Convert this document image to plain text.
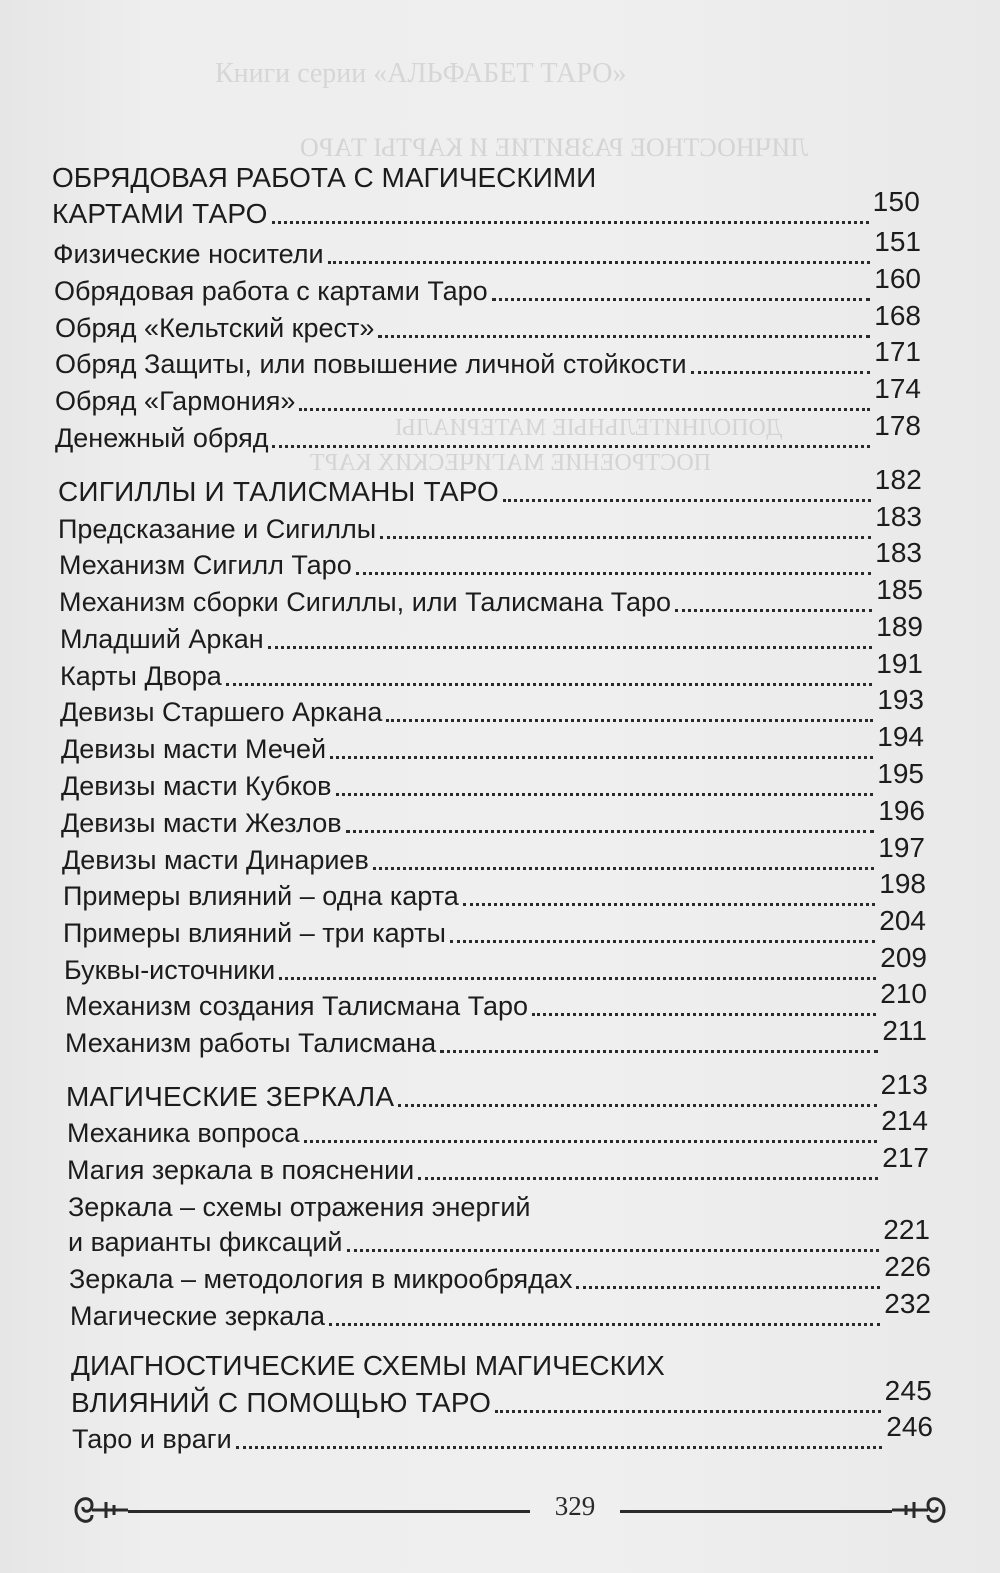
Книги серии «АЛЬФАБЕТ ТАРО»
ЛИЧНОСТНОЕ РАЗВИТИЕ И КАРТЫ ТАРО
ДОПОЛНИТЕЛЬНЫЕ МАТЕРИАЛЫ
ПОСТРОЕНИЕ МАГИЧЕСКИХ КАРТ
ОБРЯДОВАЯ РАБОТА С МАГИЧЕСКИМИ
КАРТАМИ ТАРО	150
Физические носители	151
Обрядовая работа с картами Таро	160
Обряд «Кельтский крест»	168
Обряд Защиты, или повышение личной стойкости	171
Обряд «Гармония»	174
Денежный обряд	178
СИГИЛЛЫ И ТАЛИСМАНЫ ТАРО	182
Предсказание и Сигиллы	183
Механизм Сигилл Таро	183
Механизм сборки Сигиллы, или Талисмана Таро	185
Младший Аркан	189
Карты Двора	191
Девизы Старшего Аркана	193
Девизы масти Мечей	194
Девизы масти Кубков	195
Девизы масти Жезлов	196
Девизы масти Динариев	197
Примеры влияний – одна карта	198
Примеры влияний – три карты	204
Буквы-источники	209
Механизм создания Талисмана Таро	210
Механизм работы Талисмана	211
МАГИЧЕСКИЕ ЗЕРКАЛА	213
Механика вопроса	214
Магия зеркала в пояснении	217
Зеркала – схемы отражения энергий
и варианты фиксаций	221
Зеркала – методология в микрообрядах	226
Магические зеркала	232
ДИАГНОСТИЧЕСКИЕ СХЕМЫ МАГИЧЕСКИХ
ВЛИЯНИЙ С ПОМОЩЬЮ ТАРО	245
Таро и враги	246
329
